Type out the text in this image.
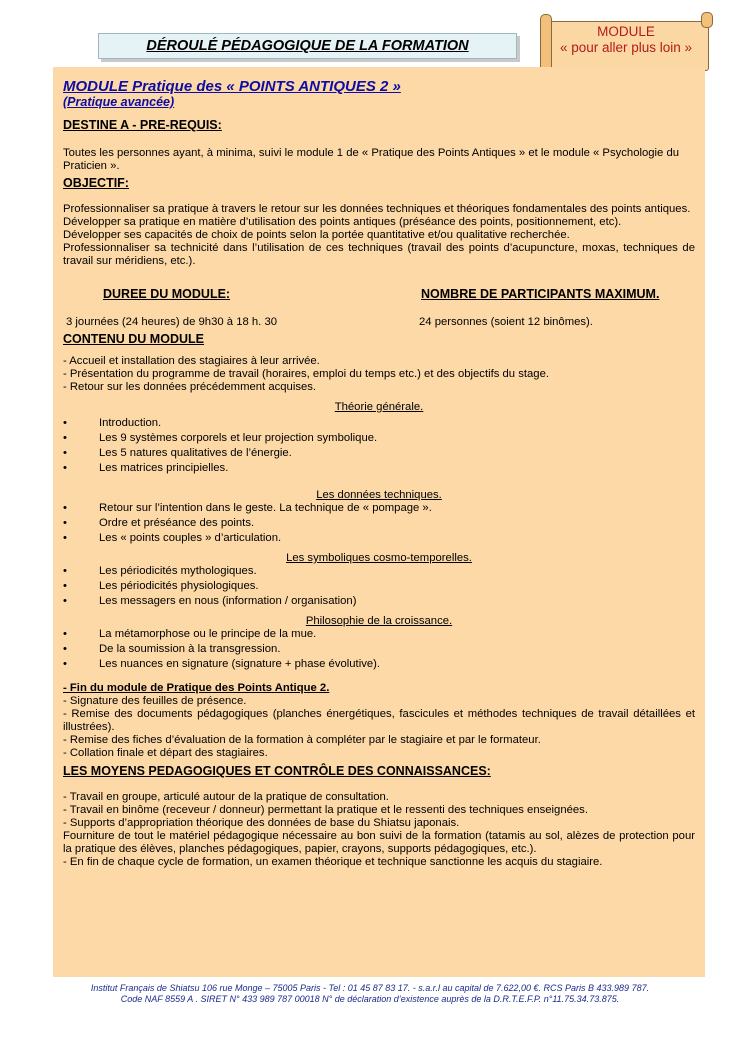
DÉROULÉ PÉDAGOGIQUE DE LA FORMATION
MODULE
« pour aller plus loin »
MODULE Pratique des « POINTS ANTIQUES 2 »
(Pratique avancée)
DESTINE A - PRE-REQUIS:

Toutes les personnes ayant, à minima, suivi le module 1 de « Pratique des Points Antiques » et le module « Psychologie du Praticien ».

OBJECTIF:

Professionnaliser sa pratique à travers le retour sur les données techniques et théoriques fondamentales des points antiques.

Développer sa pratique en matière d’utilisation des points antiques (préséance des points, positionnement, etc).

Développer ses capacités de choix de points selon la portée quantitative et/ou qualitative recherchée.

Professionnaliser sa technicité dans l’utilisation de ces techniques (travail des points d’acupuncture, moxas, techniques de travail sur méridiens, etc.).

DUREE DU MODULE:	NOMBRE DE PARTICIPANTS MAXIMUM.
3 journées (24 heures) de 9h30 à 18 h. 30	24 personnes (soient 12 binômes).
CONTENU DU MODULE

- Accueil et installation des stagiaires à leur arrivée.

- Présentation du programme de travail (horaires, emploi du temps etc.) et des objectifs du stage.

- Retour sur les données précédemment acquises.

Théorie générale.
• Introduction.
• Les 9 systèmes corporels et leur projection symbolique.
• Les 5 natures qualitatives de l’énergie.
• Les matrices principielles.
Les données techniques.
• Retour sur l’intention dans le geste. La technique de « pompage ».
• Ordre et préséance des points.
• Les « points couples » d’articulation.
Les symboliques cosmo-temporelles.
• Les périodicités mythologiques.
• Les périodicités physiologiques.
• Les messagers en nous (information / organisation)
Philosophie de la croissance.
• La métamorphose ou le principe de la mue.
• De la soumission à la transgression.
• Les nuances en signature (signature + phase évolutive).
- Fin du module de Pratique des Points Antique 2.

- Signature des feuilles de présence.

- Remise des documents pédagogiques (planches énergétiques, fascicules et méthodes techniques de travail détaillées et illustrées).

- Remise des fiches d’évaluation de la formation à compléter par le stagiaire et par le formateur.

- Collation finale et départ des stagiaires.

LES MOYENS PEDAGOGIQUES ET CONTRÔLE DES CONNAISSANCES:

- Travail en groupe, articulé autour de la pratique de consultation.

- Travail en binôme (receveur / donneur) permettant la pratique et le ressenti des techniques enseignées.

- Supports d’appropriation théorique des données de base du Shiatsu japonais.

Fourniture de tout le matériel pédagogique nécessaire au bon suivi de la formation (tatamis au sol, alèzes de protection pour la pratique des élèves, planches pédagogiques, papier, crayons, supports pédagogiques, etc.).

- En fin de chaque cycle de formation, un examen théorique et technique sanctionne les acquis du stagiaire.

Institut Français de Shiatsu 106 rue Monge – 75005 Paris - Tel : 01 45 87 83 17. - s.a.r.l au capital de 7.622,00 €. RCS Paris B 433.989 787.
Code NAF 8559 A . SIRET N° 433 989 787 00018 N° de déclaration d’existence auprès de la D.R.T.E.F.P. n°11.75.34.73.875.
